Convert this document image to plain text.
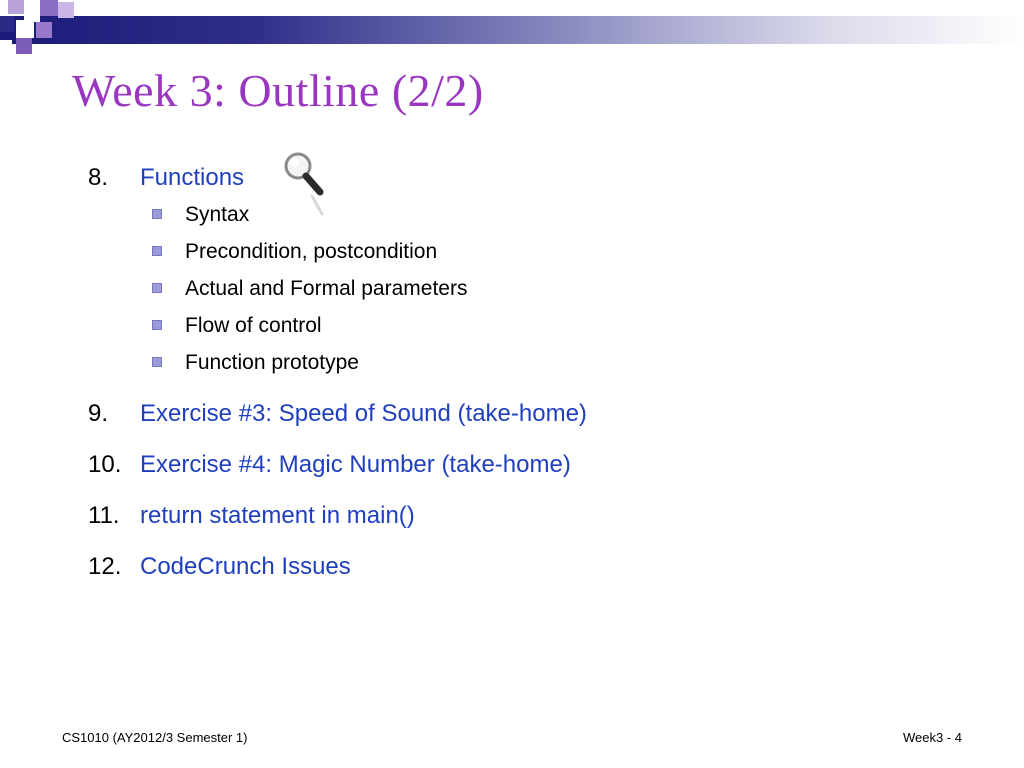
Week 3: Outline (2/2)
8. Functions
Syntax
Precondition, postcondition
Actual and Formal parameters
Flow of control
Function prototype
9. Exercise #3: Speed of Sound (take-home)
10. Exercise #4: Magic Number (take-home)
11. return statement in main()
12. CodeCrunch Issues
CS1010 (AY2012/3 Semester 1)	Week3 - 4
